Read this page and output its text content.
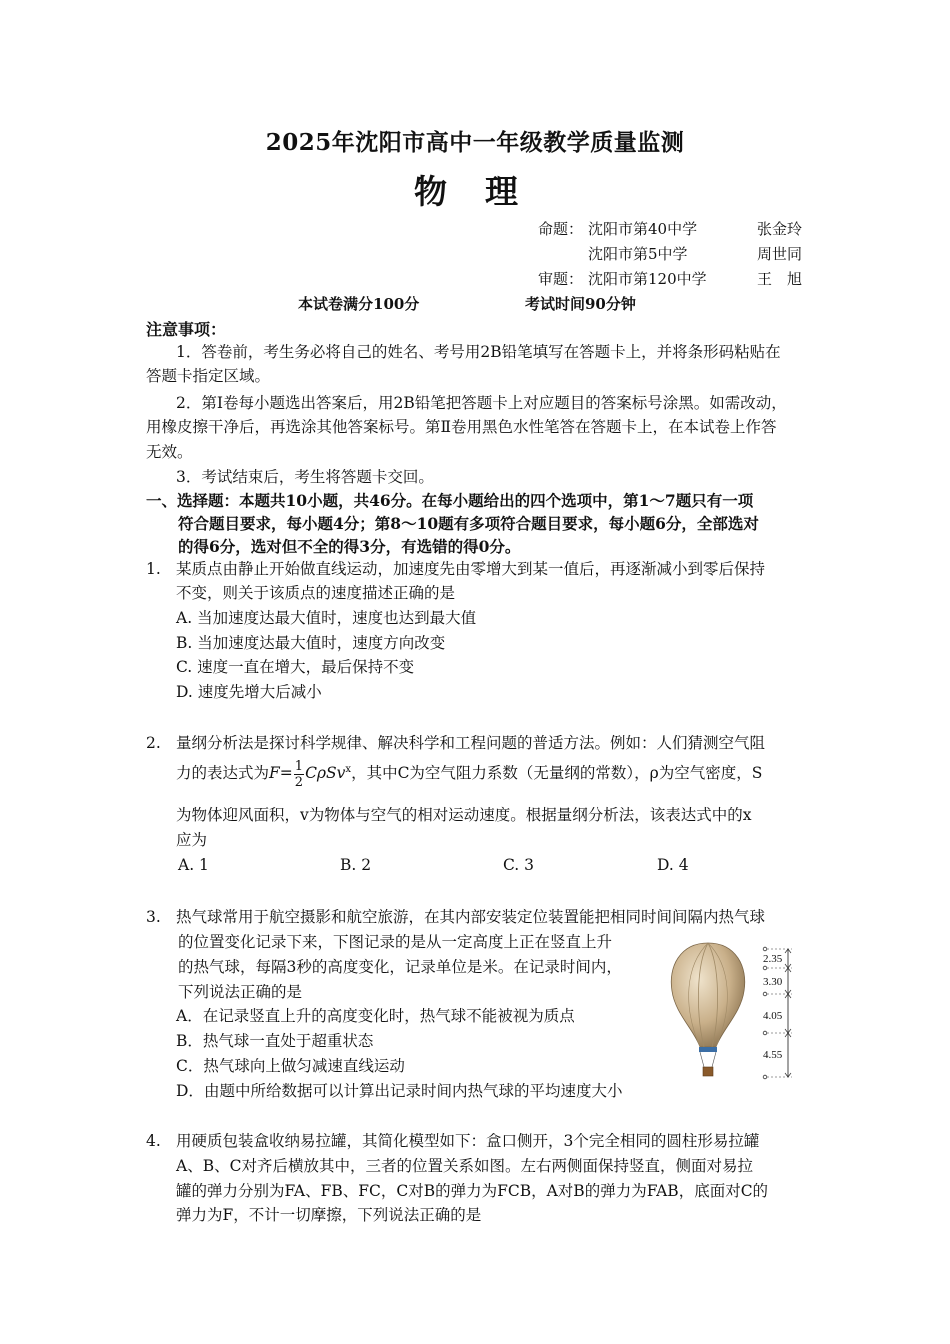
2025年沈阳市高中一年级教学质量监测
物理
命题： 沈阳市第40中学	张金玲
沈阳市第5中学	周世同
审题： 沈阳市第120中学	王　旭
本试卷满分100分	考试时间90分钟
注意事项：
1．答卷前，考生务必将自己的姓名、考号用2B铅笔填写在答题卡上，并将条形码粘贴在
答题卡指定区域。
2．第Ⅰ卷每小题选出答案后，用2B铅笔把答题卡上对应题目的答案标号涂黑。如需改动，
用橡皮擦干净后，再选涂其他答案标号。第Ⅱ卷用黑色水性笔答在答题卡上，在本试卷上作答
无效。
3．考试结束后，考生将答题卡交回。
一、选择题：本题共10小题，共46分。在每小题给出的四个选项中，第1～7题只有一项
符合题目要求，每小题4分；第8～10题有多项符合题目要求，每小题6分，全部选对
的得6分，选对但不全的得3分，有选错的得0分。
1. 某质点由静止开始做直线运动，加速度先由零增大到某一值后，再逐渐减小到零后保持
不变，则关于该质点的速度描述正确的是
A. 当加速度达最大值时，速度也达到最大值
B. 当加速度达最大值时，速度方向改变
C. 速度一直在增大，最后保持不变
D. 速度先增大后减小
2. 量纲分析法是探讨科学规律、解决科学和工程问题的普适方法。例如：人们猜测空气阻
力的表达式为$F= \frac{1}{2} C\rho Sv^x$，其中C为空气阻力系数（无量纲的常数），ρ为空气密度，S
为物体迎风面积，v为物体与空气的相对运动速度。根据量纲分析法，该表达式中的x
应为
A. 1	B. 2	C. 3	D. 4
3. 热气球常用于航空摄影和航空旅游，在其内部安装定位装置能把相同时间间隔内热气球
的位置变化记录下来，下图记录的是从一定高度上正在竖直上升
的热气球，每隔3秒的高度变化，记录单位是米。在记录时间内，
下列说法正确的是
A．在记录竖直上升的高度变化时，热气球不能被视为质点
B．热气球一直处于超重状态
C．热气球向上做匀减速直线运动
D．由题中所给数据可以计算出记录时间内热气球的平均速度大小
2.35
3.30
4.05
4.55
4. 用硬质包装盒收纳易拉罐，其简化模型如下：盒口侧开，3个完全相同的圆柱形易拉罐
A、B、C对齐后横放其中，三者的位置关系如图。左右两侧面保持竖直，侧面对易拉
罐的弹力分别为FA、FB、FC，C对B的弹力为FCB，A对B的弹力为FAB，底面对C的
弹力为F，不计一切摩擦，下列说法正确的是
